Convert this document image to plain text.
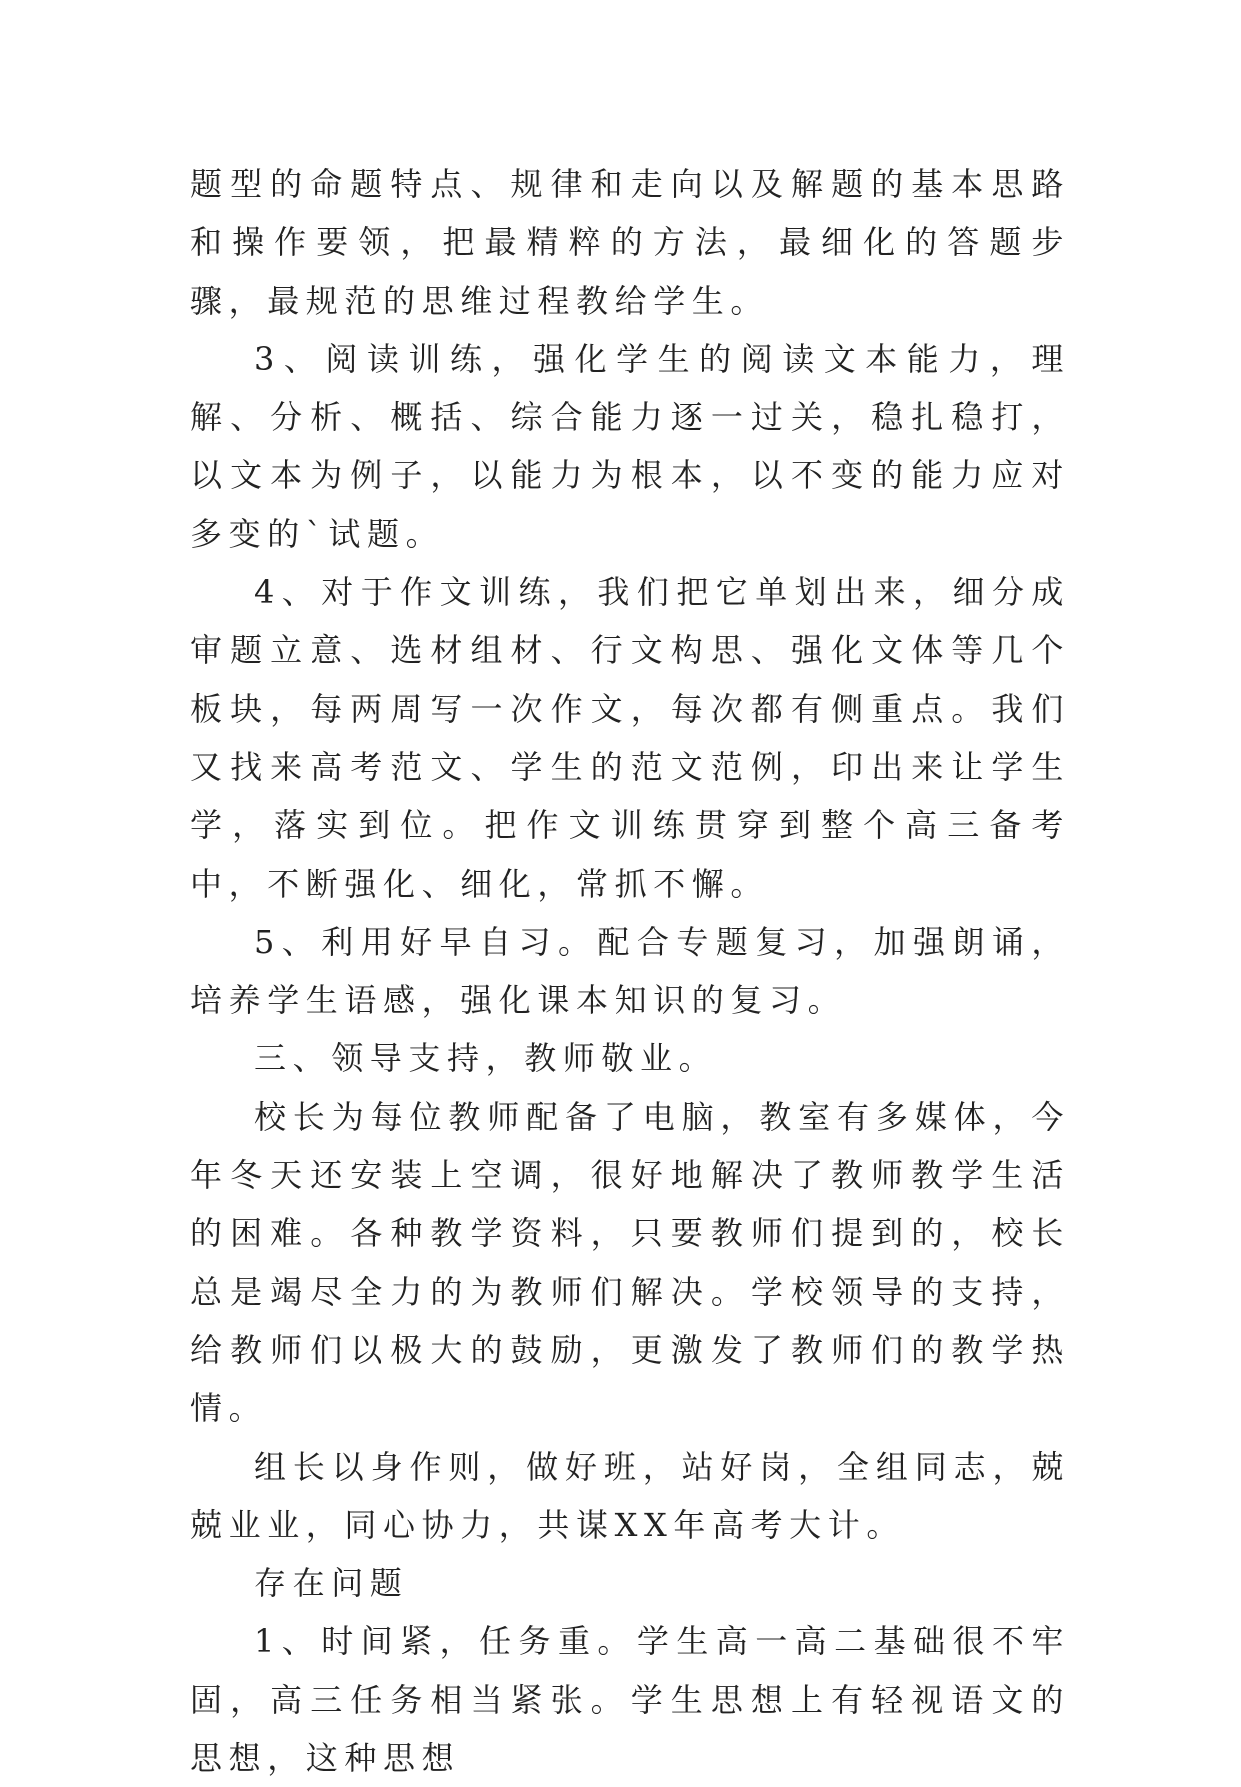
题型的命题特点、规律和走向以及解题的基本思路和操作要领，把最精粹的方法，最细化的答题步骤，最规范的思维过程教给学生。

3、阅读训练，强化学生的阅读文本能力，理解、分析、概括、综合能力逐一过关，稳扎稳打，以文本为例子，以能力为根本，以不变的能力应对多变的`试题。

4、对于作文训练，我们把它单划出来，细分成审题立意、选材组材、行文构思、强化文体等几个板块，每两周写一次作文，每次都有侧重点。我们又找来高考范文、学生的范文范例，印出来让学生学，落实到位。把作文训练贯穿到整个高三备考中，不断强化、细化，常抓不懈。

5、利用好早自习。配合专题复习，加强朗诵，培养学生语感，强化课本知识的复习。

三、领导支持，教师敬业。

校长为每位教师配备了电脑，教室有多媒体，今年冬天还安装上空调，很好地解决了教师教学生活的困难。各种教学资料，只要教师们提到的，校长总是竭尽全力的为教师们解决。学校领导的支持，给教师们以极大的鼓励，更激发了教师们的教学热情。

组长以身作则，做好班，站好岗，全组同志，兢兢业业，同心协力，共谋XX年高考大计。

存在问题

1、时间紧，任务重。学生高一高二基础很不牢固，高三任务相当紧张。学生思想上有轻视语文的思想，这种思想
